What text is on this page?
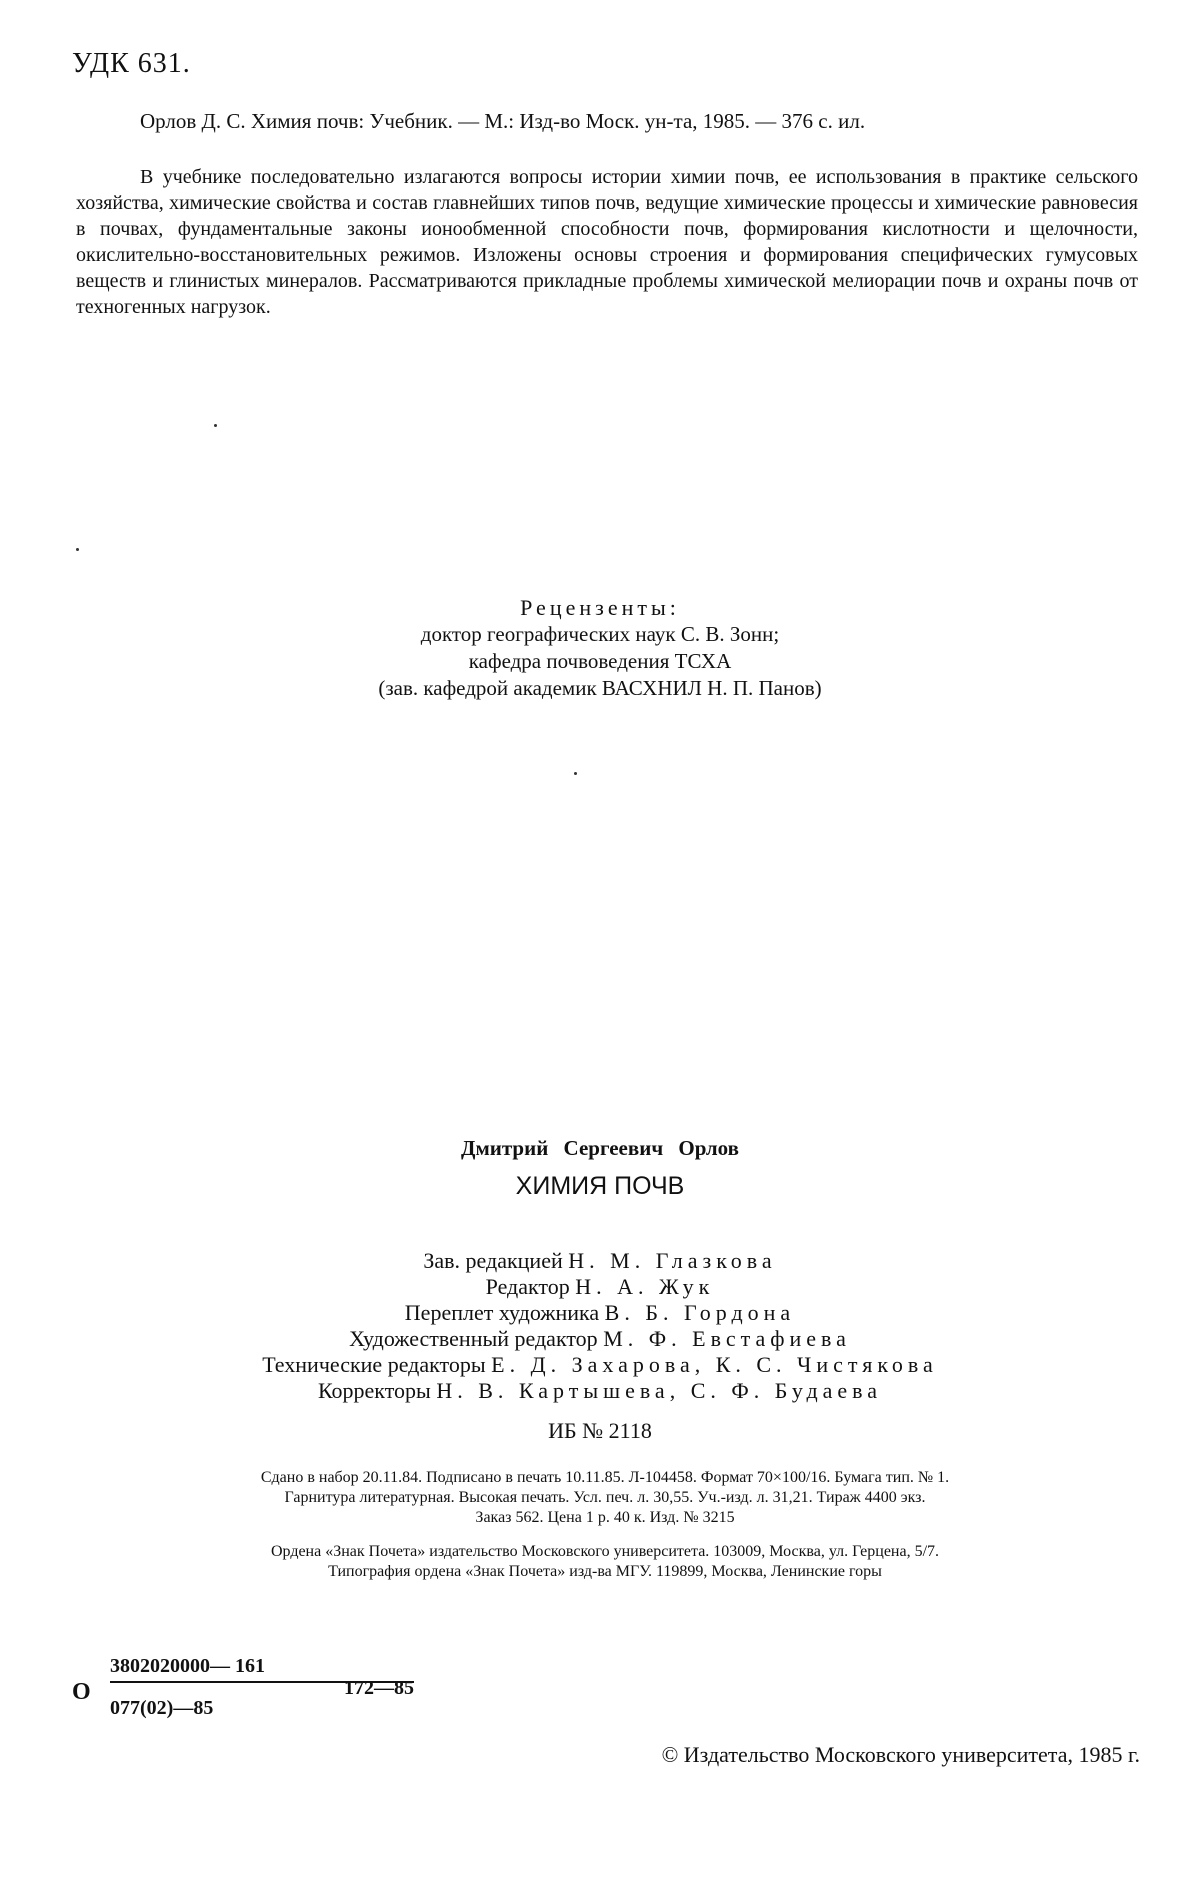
УДК 631.
Орлов Д. С. Химия почв: Учебник. — М.: Изд-во Моск. ун-та, 1985. — 376 с. ил.
В учебнике последовательно излагаются вопросы истории химии почв, ее использования в практике сельского хозяйства, химические свойства и состав главнейших типов почв, ведущие химические процессы и химические равновесия в почвах, фундаментальные законы ионообменной способности почв, формирования кислотности и щелочности, окислительно-восстановительных режимов. Изложены основы строения и формирования специфических гумусовых веществ и глинистых минералов. Рассматриваются прикладные проблемы химической мелиорации почв и охраны почв от техногенных нагрузок.
Рецензенты:
доктор географических наук С. В. Зонн;
кафедра почвоведения ТСХА
(зав. кафедрой академик ВАСХНИЛ Н. П. Панов)
Дмитрий Сергеевич Орлов
ХИМИЯ ПОЧВ
Зав. редакцией Н. М. Глазкова
Редактор Н. А. Жук
Переплет художника В. Б. Гордона
Художественный редактор М. Ф. Евстафиева
Технические редакторы Е. Д. Захарова, К. С. Чистякова
Корректоры Н. В. Картышева, С. Ф. Будаева
ИБ № 2118
Сдано в набор 20.11.84. Подписано в печать 10.11.85. Л-104458. Формат 70×100/16. Бумага тип. № 1.
Гарнитура литературная. Высокая печать. Усл. печ. л. 30,55. Уч.-изд. л. 31,21. Тираж 4400 экз.
Заказ 562. Цена 1 р. 40 к. Изд. № 3215
Ордена «Знак Почета» издательство Московского университета. 103009, Москва, ул. Герцена, 5/7.
Типография ордена «Знак Почета» изд-ва МГУ. 119899, Москва, Ленинские горы
О
3802020000— 161
077(02)—85
172—85
© Издательство Московского университета, 1985 г.
